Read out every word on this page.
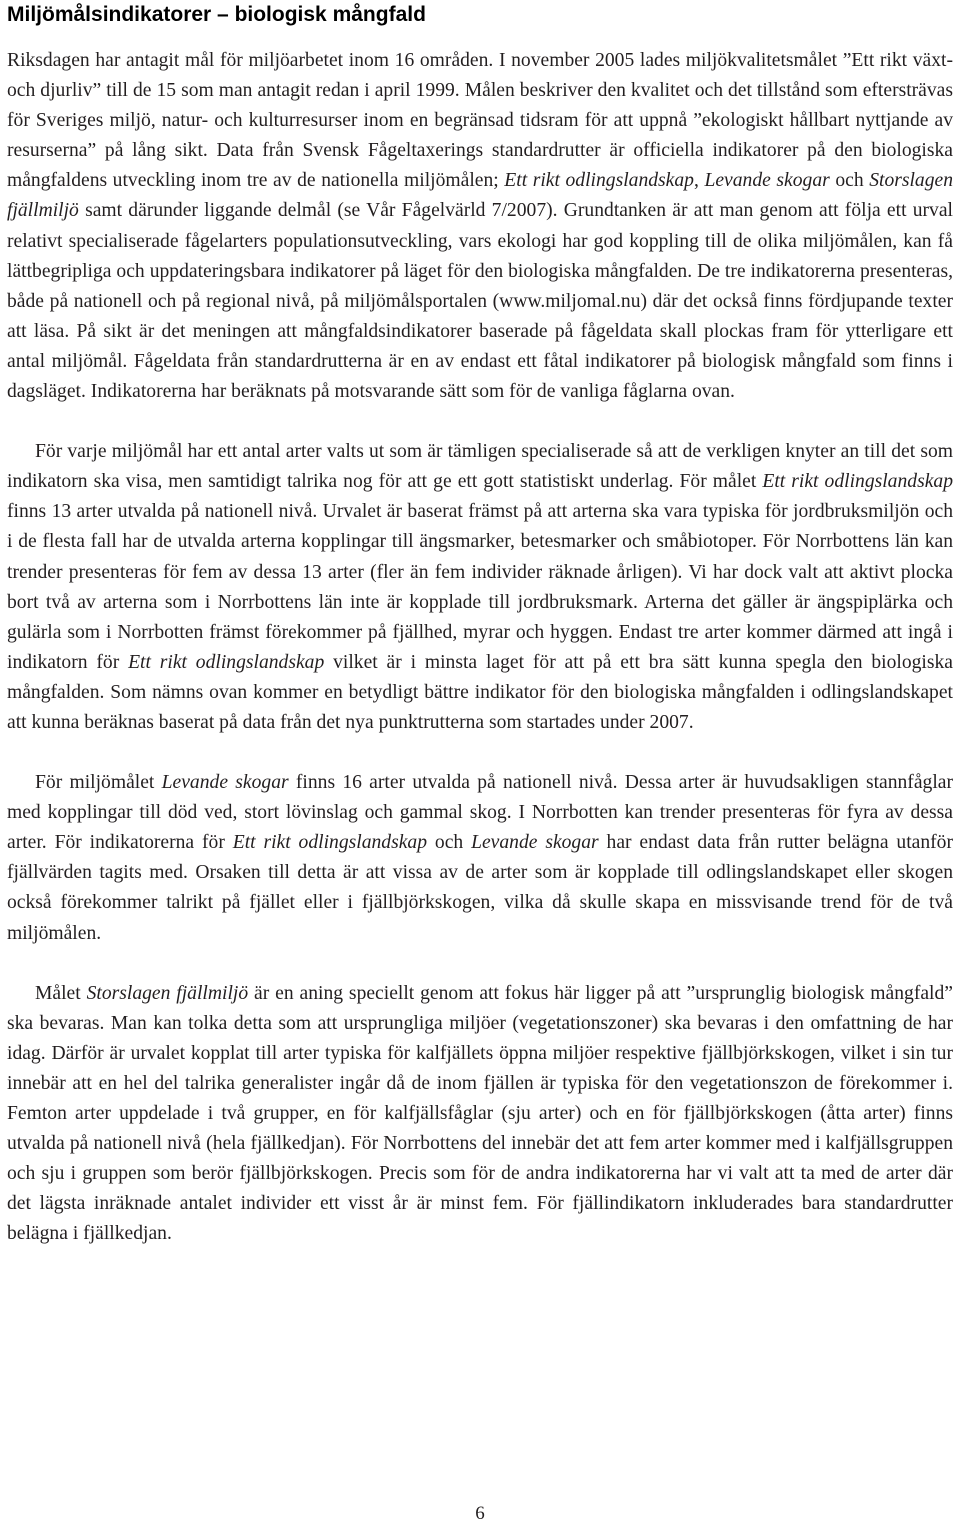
Miljömålsindikatorer – biologisk mångfald

Riksdagen har antagit mål för miljöarbetet inom 16 områden. I november 2005 lades miljökvalitetsmålet ”Ett rikt växt- och djurliv” till de 15 som man antagit redan i april 1999. Målen beskriver den kvalitet och det tillstånd som eftersträvas för Sveriges miljö, natur- och kulturresurser inom en begränsad tidsram för att uppnå ”ekologiskt hållbart nyttjande av resurserna” på lång sikt. Data från Svensk Fågeltaxerings standardrutter är officiella indikatorer på den biologiska mångfaldens utveckling inom tre av de nationella miljömålen; Ett rikt odlingslandskap, Levande skogar och Storslagen fjällmiljö samt därunder liggande delmål (se Vår Fågelvärld 7/2007). Grundtanken är att man genom att följa ett urval relativt specialiserade fågelarters populationsutveckling, vars ekologi har god koppling till de olika miljömålen, kan få lättbegripliga och uppdateringsbara indikatorer på läget för den biologiska mångfalden. De tre indikatorerna presenteras, både på nationell och på regional nivå, på miljömålsportalen (www.miljomal.nu) där det också finns fördjupande texter att läsa. På sikt är det meningen att mångfaldsindikatorer baserade på fågeldata skall plockas fram för ytterligare ett antal miljömål. Fågeldata från standardrutterna är en av endast ett fåtal indikatorer på biologisk mångfald som finns i dagsläget. Indikatorerna har beräknats på motsvarande sätt som för de vanliga fåglarna ovan.

För varje miljömål har ett antal arter valts ut som är tämligen specialiserade så att de verkligen knyter an till det som indikatorn ska visa, men samtidigt talrika nog för att ge ett gott statistiskt underlag. För målet Ett rikt odlingslandskap finns 13 arter utvalda på nationell nivå. Urvalet är baserat främst på att arterna ska vara typiska för jordbruksmiljön och i de flesta fall har de utvalda arterna kopplingar till ängsmarker, betesmarker och småbiotoper. För Norrbottens län kan trender presenteras för fem av dessa 13 arter (fler än fem individer räknade årligen). Vi har dock valt att aktivt plocka bort två av arterna som i Norrbottens län inte är kopplade till jordbruksmark. Arterna det gäller är ängspiplärka och gulärla som i Norrbotten främst förekommer på fjällhed, myrar och hyggen. Endast tre arter kommer därmed att ingå i indikatorn för Ett rikt odlingslandskap vilket är i minsta laget för att på ett bra sätt kunna spegla den biologiska mångfalden. Som nämns ovan kommer en betydligt bättre indikator för den biologiska mångfalden i odlingslandskapet att kunna beräknas baserat på data från det nya punktrutterna som startades under 2007.

För miljömålet Levande skogar finns 16 arter utvalda på nationell nivå. Dessa arter är huvudsakligen stannfåglar med kopplingar till död ved, stort lövinslag och gammal skog. I Norrbotten kan trender presenteras för fyra av dessa arter. För indikatorerna för Ett rikt odlingslandskap och Levande skogar har endast data från rutter belägna utanför fjällvärden tagits med. Orsaken till detta är att vissa av de arter som är kopplade till odlingslandskapet eller skogen också förekommer talrikt på fjället eller i fjällbjörkskogen, vilka då skulle skapa en missvisande trend för de två miljömålen.

Målet Storslagen fjällmiljö är en aning speciellt genom att fokus här ligger på att ”ursprunglig biologisk mångfald” ska bevaras. Man kan tolka detta som att ursprungliga miljöer (vegetationszoner) ska bevaras i den omfattning de har idag. Därför är urvalet kopplat till arter typiska för kalfjällets öppna miljöer respektive fjällbjörkskogen, vilket i sin tur innebär att en hel del talrika generalister ingår då de inom fjällen är typiska för den vegetationszon de förekommer i. Femton arter uppdelade i två grupper, en för kalfjällsfåglar (sju arter) och en för fjällbjörkskogen (åtta arter) finns utvalda på nationell nivå (hela fjällkedjan). För Norrbottens del innebär det att fem arter kommer med i kalfjällsgruppen och sju i gruppen som berör fjällbjörkskogen. Precis som för de andra indikatorerna har vi valt att ta med de arter där det lägsta inräknade antalet individer ett visst år är minst fem. För fjällindikatorn inkluderades bara standardrutter belägna i fjällkedjan.

6
